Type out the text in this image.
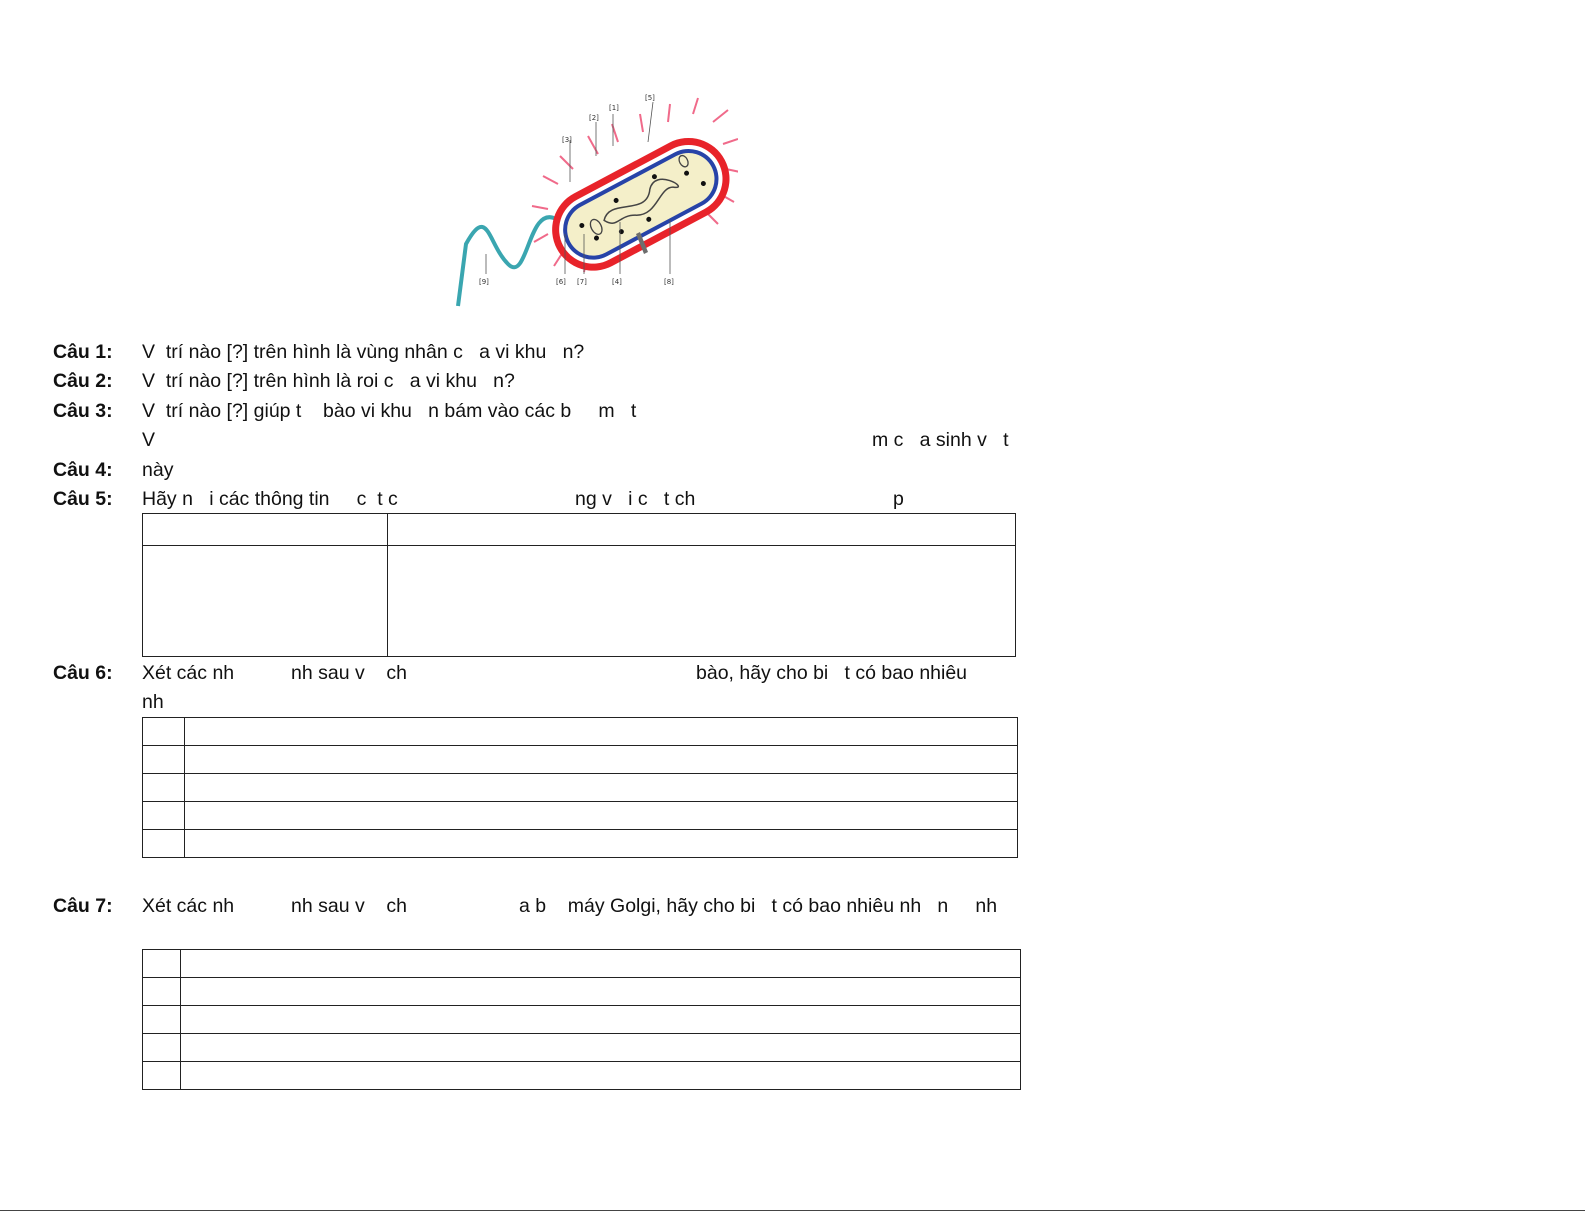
[1]
[2]
[3]
[5]
[9]	[6] [7]	[4]	[8]
Câu 1: V  trí nào [?] trên hình là vùng nhân c   a vi khu   n?
Câu 2: V  trí nào [?] trên hình là roi c   a vi khu   n?
Câu 3: V  trí nào [?] giúp t    bào vi khu   n bám vào các b     m   t
V	m c   a sinh v   t
Câu 4: này
Câu 5: Hãy n   i các thông tin     c  t c	ng v   i c   t ch	p

Câu 6: Xét các nh	nh sau v    ch	bào, hãy cho bi   t có bao nhiêu
nh

Câu 7: Xét các nh	nh sau v    ch	a b    máy Golgi, hãy cho bi   t có bao nhiêu nh   n     nh
